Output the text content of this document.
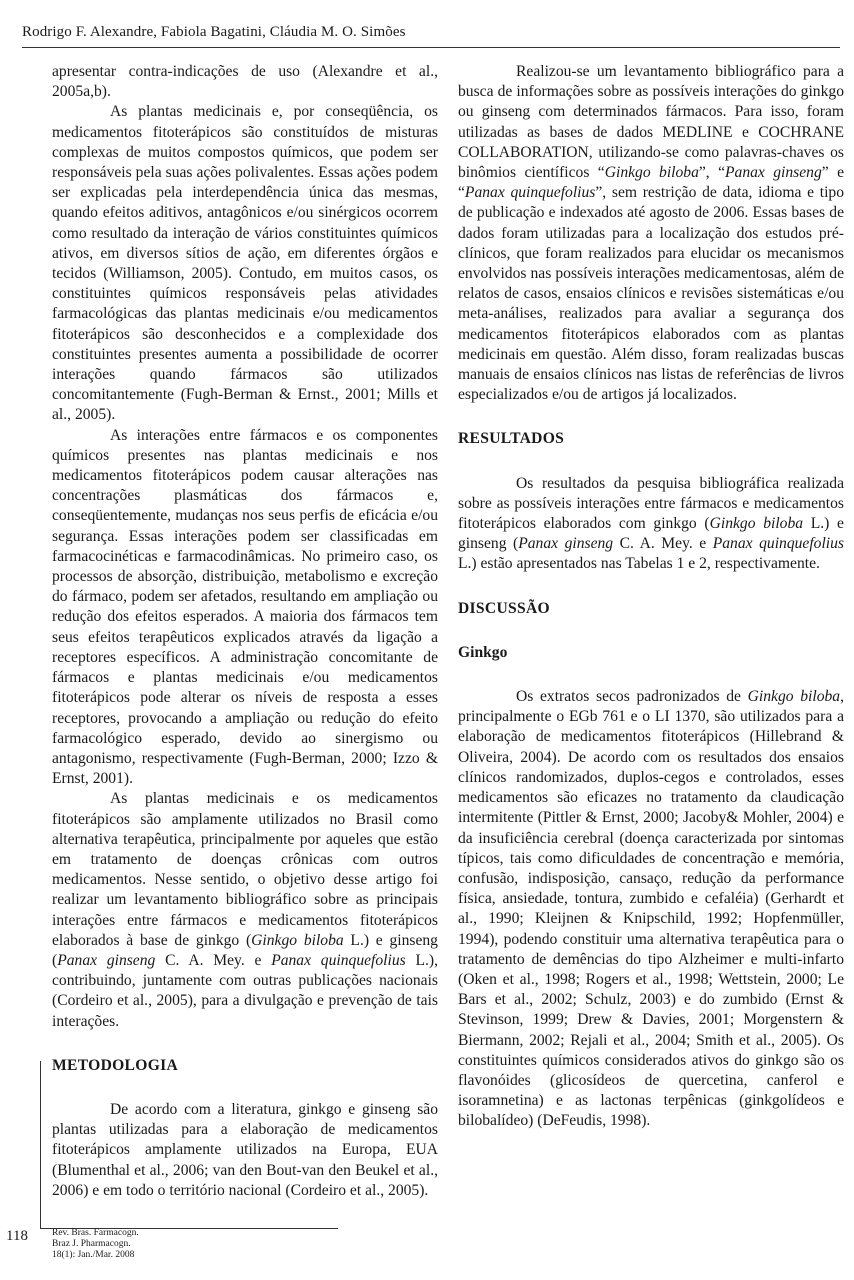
Rodrigo F. Alexandre, Fabiola Bagatini, Cláudia M. O. Simões

apresentar contra-indicações de uso (Alexandre et al., 2005a,b).

As plantas medicinais e, por conseqüência, os medicamentos fitoterápicos são constituídos de misturas complexas de muitos compostos químicos, que podem ser responsáveis pela suas ações polivalentes. Essas ações podem ser explicadas pela interdependência única das mesmas, quando efeitos aditivos, antagônicos e/ou sinérgicos ocorrem como resultado da interação de vários constituintes químicos ativos, em diversos sítios de ação, em diferentes órgãos e tecidos (Williamson, 2005). Contudo, em muitos casos, os constituintes químicos responsáveis pelas atividades farmacológicas das plantas medicinais e/ou medicamentos fitoterápicos são desconhecidos e a complexidade dos constituintes presentes aumenta a possibilidade de ocorrer interações quando fármacos são utilizados concomitantemente (Fugh-Berman & Ernst., 2001; Mills et al., 2005).

As interações entre fármacos e os componentes químicos presentes nas plantas medicinais e nos medicamentos fitoterápicos podem causar alterações nas concentrações plasmáticas dos fármacos e, conseqüentemente, mudanças nos seus perfis de eficácia e/ou segurança. Essas interações podem ser classificadas em farmacocinéticas e farmacodinâmicas. No primeiro caso, os processos de absorção, distribuição, metabolismo e excreção do fármaco, podem ser afetados, resultando em ampliação ou redução dos efeitos esperados. A maioria dos fármacos tem seus efeitos terapêuticos explicados através da ligação a receptores específicos. A administração concomitante de fármacos e plantas medicinais e/ou medicamentos fitoterápicos pode alterar os níveis de resposta a esses receptores, provocando a ampliação ou redução do efeito farmacológico esperado, devido ao sinergismo ou antagonismo, respectivamente (Fugh-Berman, 2000; Izzo & Ernst, 2001).

As plantas medicinais e os medicamentos fitoterápicos são amplamente utilizados no Brasil como alternativa terapêutica, principalmente por aqueles que estão em tratamento de doenças crônicas com outros medicamentos. Nesse sentido, o objetivo desse artigo foi realizar um levantamento bibliográfico sobre as principais interações entre fármacos e medicamentos fitoterápicos elaborados à base de ginkgo (Ginkgo biloba L.) e ginseng (Panax ginseng C. A. Mey. e Panax quinquefolius L.), contribuindo, juntamente com outras publicações nacionais (Cordeiro et al., 2005), para a divulgação e prevenção de tais interações.

METODOLOGIA

De acordo com a literatura, ginkgo e ginseng são plantas utilizadas para a elaboração de medicamentos fitoterápicos amplamente utilizados na Europa, EUA (Blumenthal et al., 2006; van den Bout-van den Beukel et al., 2006) e em todo o território nacional (Cordeiro et al., 2005).

Realizou-se um levantamento bibliográfico para a busca de informações sobre as possíveis interações do ginkgo ou ginseng com determinados fármacos. Para isso, foram utilizadas as bases de dados MEDLINE e COCHRANE COLLABORATION, utilizando-se como palavras-chaves os binômios científicos “Ginkgo biloba”, “Panax ginseng” e “Panax quinquefolius”, sem restrição de data, idioma e tipo de publicação e indexados até agosto de 2006. Essas bases de dados foram utilizadas para a localização dos estudos pré-clínicos, que foram realizados para elucidar os mecanismos envolvidos nas possíveis interações medicamentosas, além de relatos de casos, ensaios clínicos e revisões sistemáticas e/ou meta-análises, realizados para avaliar a segurança dos medicamentos fitoterápicos elaborados com as plantas medicinais em questão. Além disso, foram realizadas buscas manuais de ensaios clínicos nas listas de referências de livros especializados e/ou de artigos já localizados.

RESULTADOS

Os resultados da pesquisa bibliográfica realizada sobre as possíveis interações entre fármacos e medicamentos fitoterápicos elaborados com ginkgo (Ginkgo biloba L.) e ginseng (Panax ginseng C. A. Mey. e Panax quinquefolius L.) estão apresentados nas Tabelas 1 e 2, respectivamente.

DISCUSSÃO
Ginkgo

Os extratos secos padronizados de Ginkgo biloba, principalmente o EGb 761 e o LI 1370, são utilizados para a elaboração de medicamentos fitoterápicos (Hillebrand & Oliveira, 2004). De acordo com os resultados dos ensaios clínicos randomizados, duplos-cegos e controlados, esses medicamentos são eficazes no tratamento da claudicação intermitente (Pittler & Ernst, 2000; Jacoby& Mohler, 2004) e da insuficiência cerebral (doença caracterizada por sintomas típicos, tais como dificuldades de concentração e memória, confusão, indisposição, cansaço, redução da performance física, ansiedade, tontura, zumbido e cefaléia) (Gerhardt et al., 1990; Kleijnen & Knipschild, 1992; Hopfenmüller, 1994), podendo constituir uma alternativa terapêutica para o tratamento de demências do tipo Alzheimer e multi-infarto (Oken et al., 1998; Rogers et al., 1998; Wettstein, 2000; Le Bars et al., 2002; Schulz, 2003) e do zumbido (Ernst & Stevinson, 1999; Drew & Davies, 2001; Morgenstern & Biermann, 2002; Rejali et al., 2004; Smith et al., 2005). Os constituintes químicos considerados ativos do ginkgo são os flavonóides (glicosídeos de quercetina, canferol e isoramnetina) e as lactonas terpênicas (ginkgolídeos e bilobalídeo) (DeFeudis, 1998).

118	Rev. Bras. Farmacogn.
Braz J. Pharmacogn.
18(1): Jan./Mar. 2008
